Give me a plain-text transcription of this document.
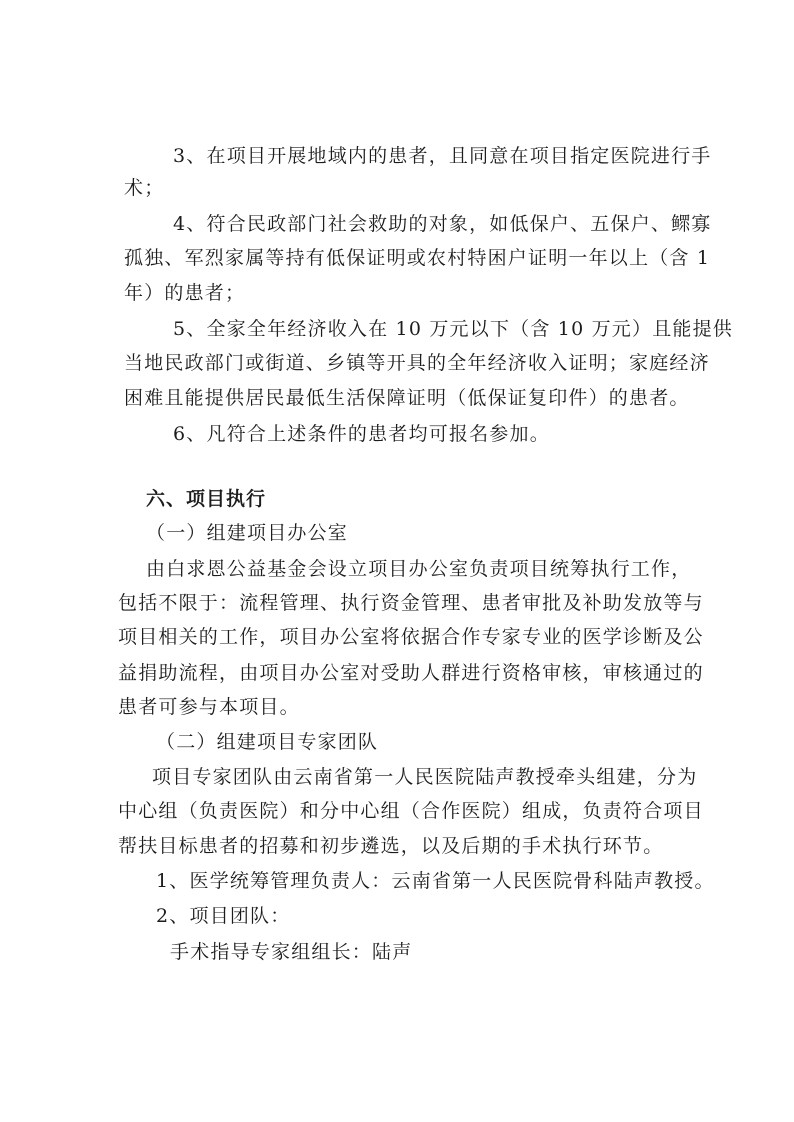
3、在项目开展地域内的患者，且同意在项目指定医院进行手
术；
4、符合民政部门社会救助的对象，如低保户、五保户、鳏寡
孤独、军烈家属等持有低保证明或农村特困户证明一年以上（含 1
年）的患者；
5、全家全年经济收入在 10 万元以下（含 10 万元）且能提供
当地民政部门或街道、乡镇等开具的全年经济收入证明；家庭经济
困难且能提供居民最低生活保障证明（低保证复印件）的患者。
6、凡符合上述条件的患者均可报名参加。
六、项目执行
（一）组建项目办公室
由白求恩公益基金会设立项目办公室负责项目统筹执行工作，
包括不限于：流程管理、执行资金管理、患者审批及补助发放等与
项目相关的工作，项目办公室将依据合作专家专业的医学诊断及公
益捐助流程，由项目办公室对受助人群进行资格审核，审核通过的
患者可参与本项目。
（二）组建项目专家团队
项目专家团队由云南省第一人民医院陆声教授牵头组建，分为
中心组（负责医院）和分中心组（合作医院）组成，负责符合项目
帮扶目标患者的招募和初步遴选，以及后期的手术执行环节。
1、医学统筹管理负责人：云南省第一人民医院骨科陆声教授。
2、项目团队：
手术指导专家组组长：陆声
